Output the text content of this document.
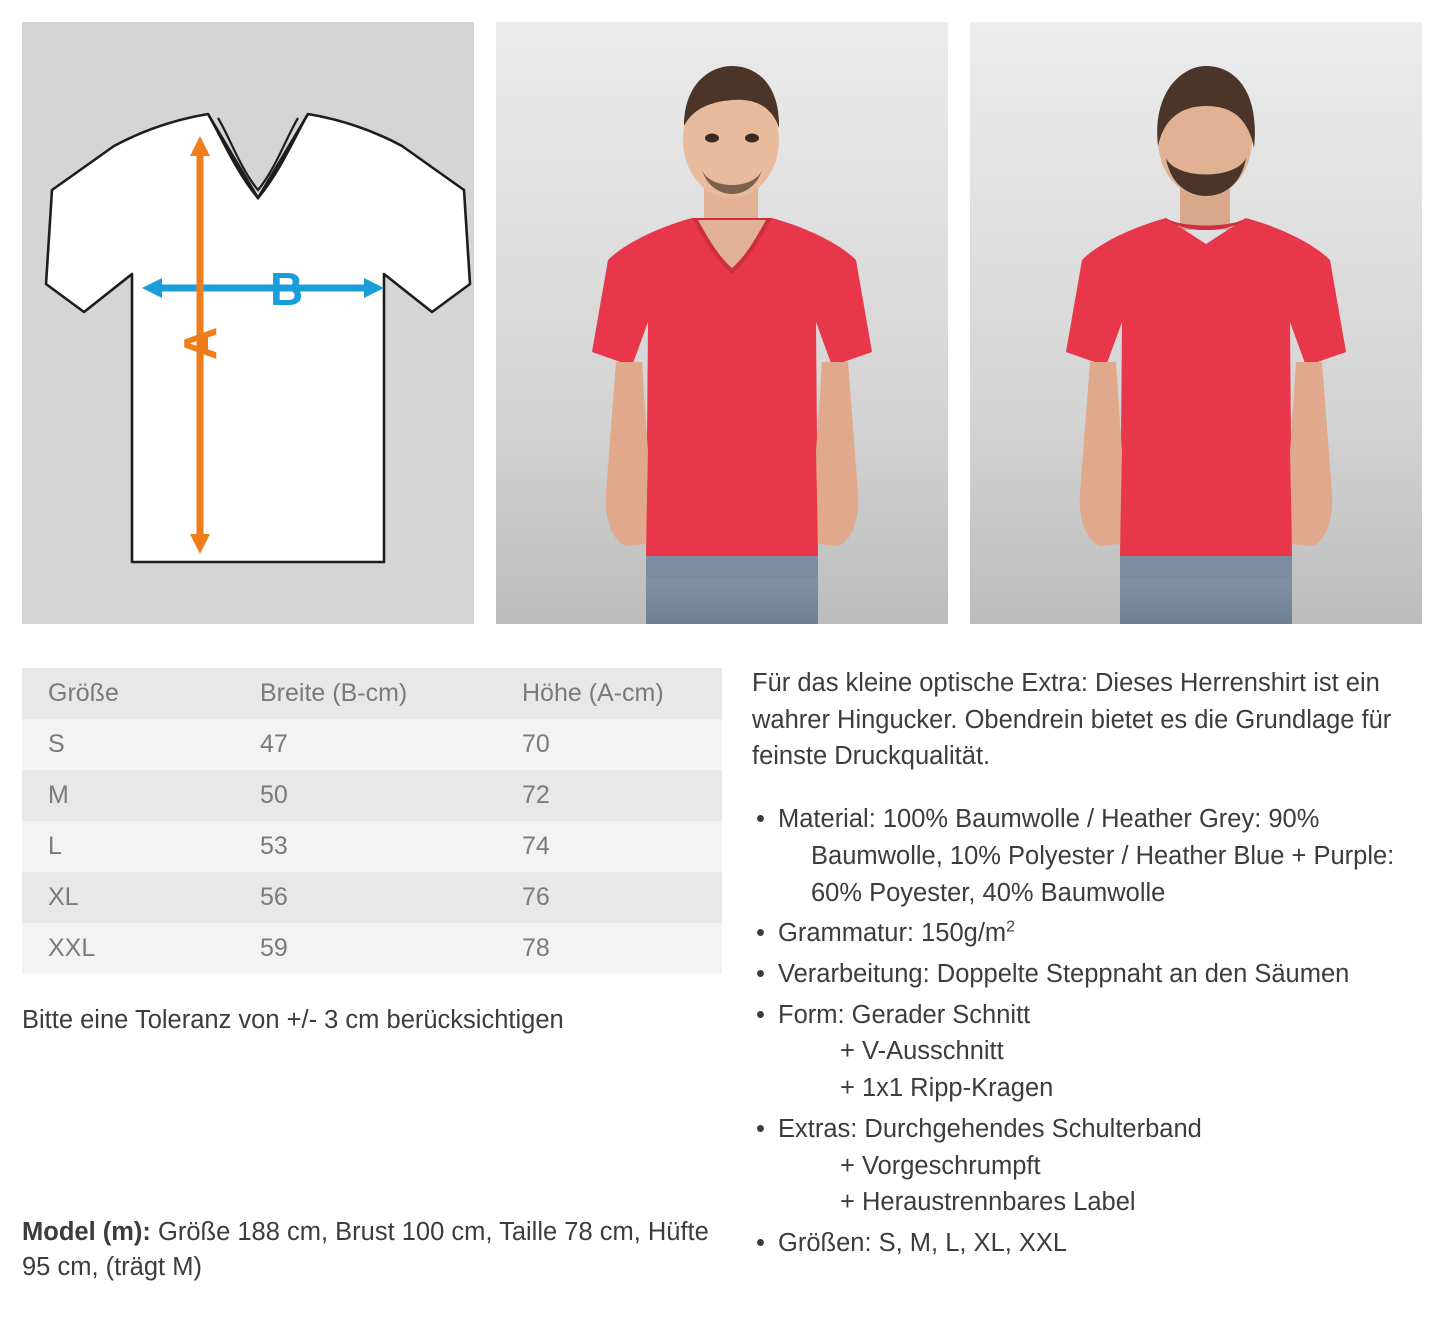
B
A
Größe	Breite (B-cm)	Höhe (A-cm)
S	47	70
M	50	72
L	53	74
XL	56	76
XXL	59	78
Bitte eine Toleranz von +/- 3 cm berücksichtigen
Model (m): Größe 188 cm, Brust 100 cm, Taille 78 cm, Hüfte 95 cm, (trägt M)

Für das kleine optische Extra: Dieses Herrenshirt ist ein wahrer Hingucker. Obendrein bietet es die Grundlage für feinste Druckqualität.

• Material: 100% Baumwolle / Heather Grey: 90%
Baumwolle, 10% Polyester / Heather Blue + Purple:
60% Poyester, 40% Baumwolle
• Grammatur: $150g/m^2$
• Verarbeitung: Doppelte Steppnaht an den Säumen
• Form: Gerader Schnitt
+ V-Ausschnitt
+ 1x1 Ripp-Kragen
• Extras: Durchgehendes Schulterband
+ Vorgeschrumpft
+ Heraustrennbares Label
• Größen: S, M, L, XL, XXL
